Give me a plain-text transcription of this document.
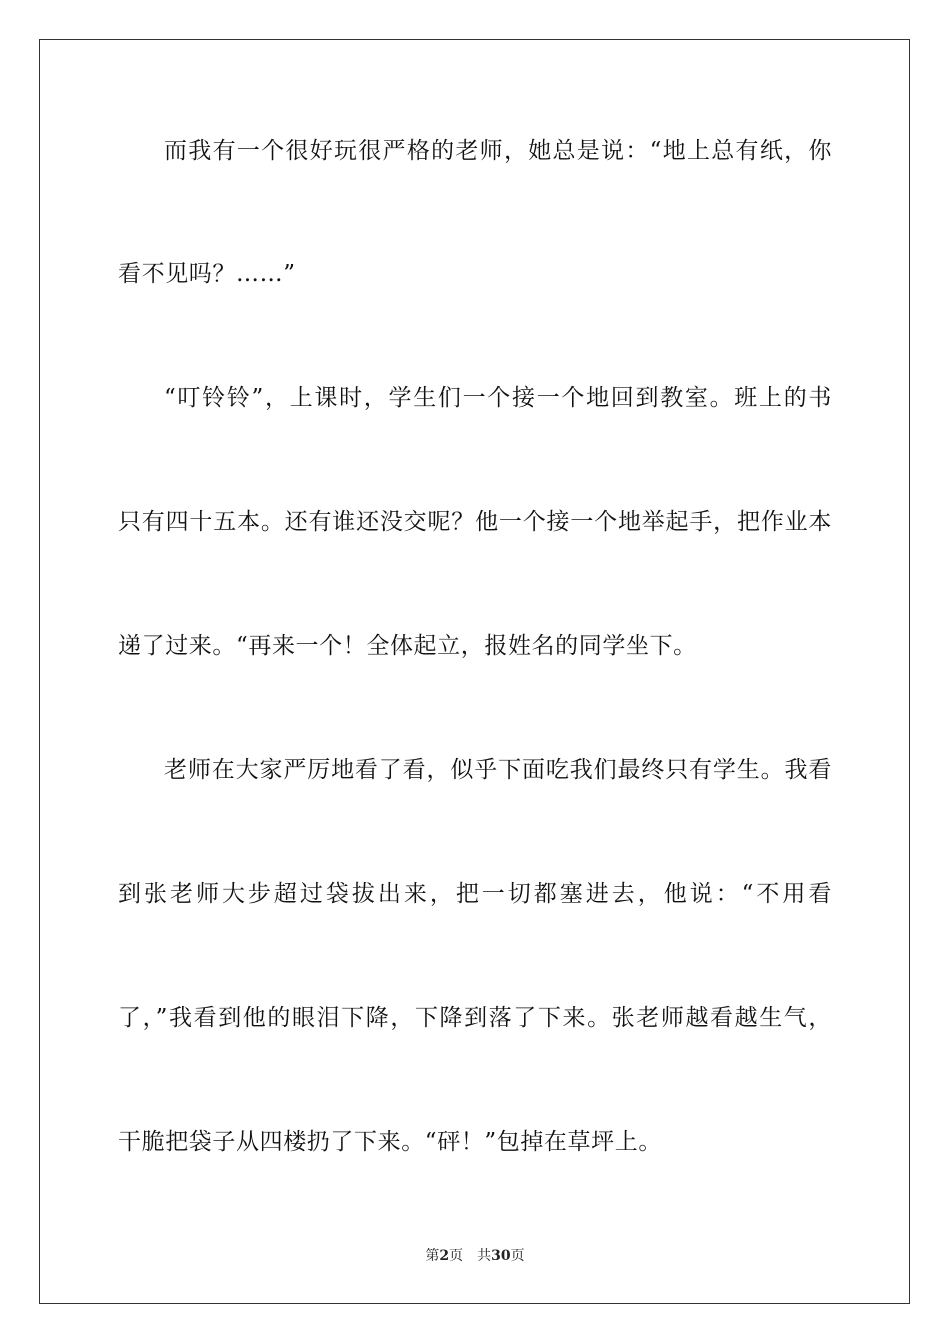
而我有一个很好玩很严格的老师，她总是说：“地上总有纸，你
看不见吗？……”
“叮铃铃”，上课时，学生们一个接一个地回到教室。班上的书
只有四十五本。还有谁还没交呢？他一个接一个地举起手，把作业本
递了过来。“再来一个！全体起立，报姓名的同学坐下。
老师在大家严厉地看了看，似乎下面吃我们最终只有学生。我看
到张老师大步超过袋拔出来，把一切都塞进去，他说：“不用看
了，”我看到他的眼泪下降，下降到落了下来。张老师越看越生气，
干脆把袋子从四楼扔了下来。“砰！”包掉在草坪上。
第2页 共30页
